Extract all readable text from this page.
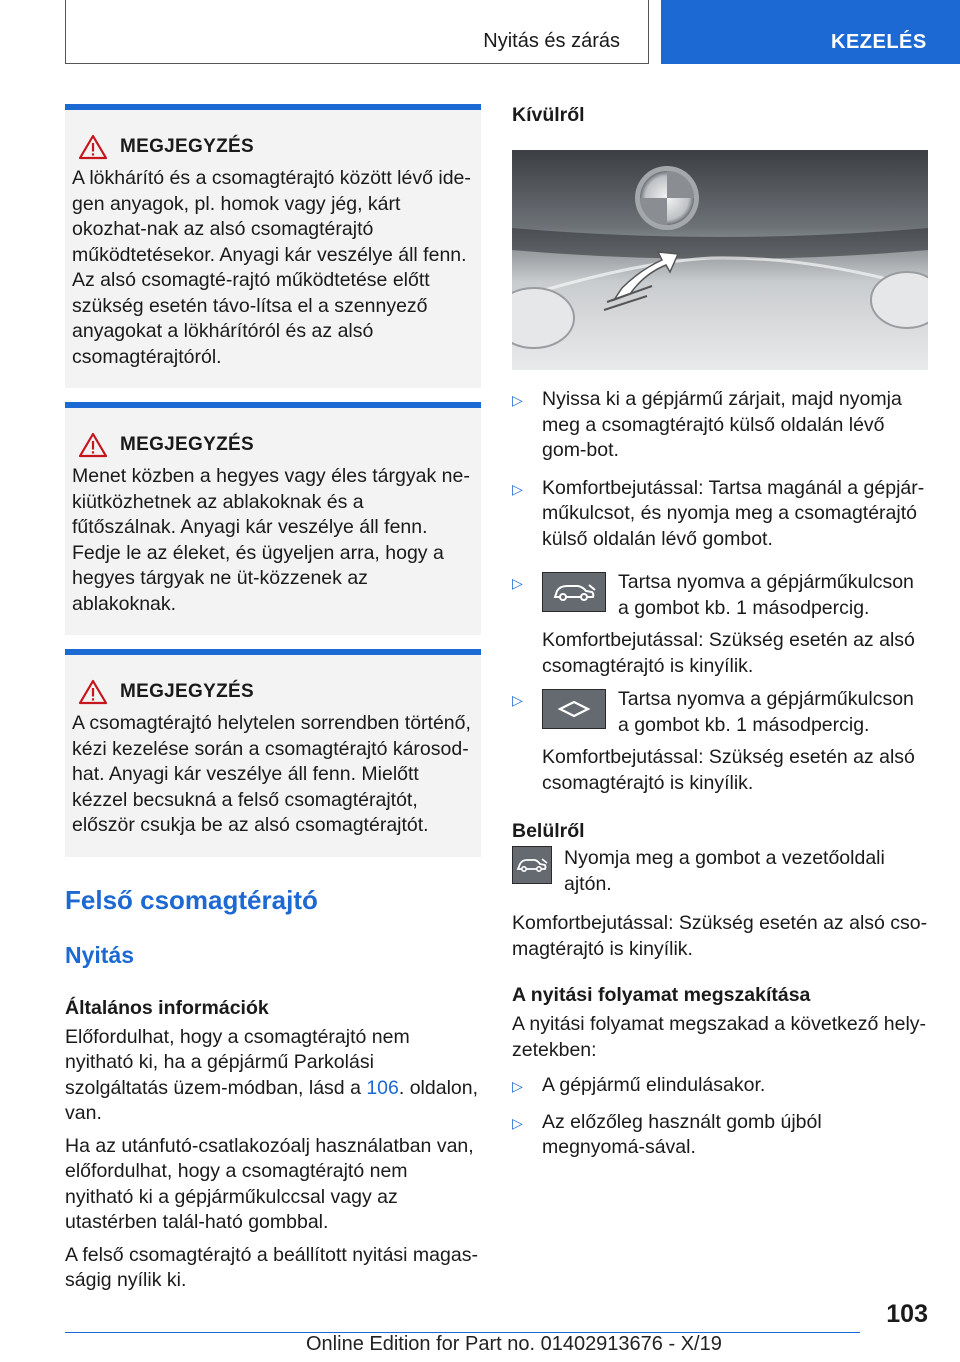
Nyitás és zárás	KEZELÉS
MEGJEGYZÉS
A lökhárító és a csomagtérajtó között lévő ide-gen anyagok, pl. homok vagy jég, kárt okozhat-nak az alsó csomagtérajtó működtetésekor. Anyagi kár veszélye áll fenn. Az alsó csomagté-rajtó működtetése előtt szükség esetén távo-lítsa el a szennyező anyagokat a lökhárítóról és az alsó csomagtérajtóról.
MEGJEGYZÉS
Menet közben a hegyes vagy éles tárgyak ne-kiütközhetnek az ablakoknak és a fűtőszálnak. Anyagi kár veszélye áll fenn. Fedje le az éleket, és ügyeljen arra, hogy a hegyes tárgyak ne üt-közzenek az ablakoknak.
MEGJEGYZÉS
A csomagtérajtó helytelen sorrendben történő, kézi kezelése során a csomagtérajtó károsod-hat. Anyagi kár veszélye áll fenn. Mielőtt kézzel becsukná a felső csomagtérajtót, először csukja be az alsó csomagtérajtót.
Felső csomagtérajtó
Nyitás
Általános információk

Előfordulhat, hogy a csomagtérajtó nem nyitható ki, ha a gépjármű Parkolási szolgáltatás üzem-módban, lásd a 106. oldalon, van.

Ha az utánfutó-csatlakozóalj használatban van, előfordulhat, hogy a csomagtérajtó nem nyitható ki a gépjárműkulccsal vagy az utastérben talál-ható gombbal.

A felső csomagtérajtó a beállított nyitási magas-ságig nyílik ki.

Kívülről
▷ Nyissa ki a gépjármű zárjait, majd nyomja meg a csomagtérajtó külső oldalán lévő gom-bot.
▷ Komfortbejutással: Tartsa magánál a gépjár-műkulcsot, és nyomja meg a csomagtérajtó külső oldalán lévő gombot.
▷	Tartsa nyomva a gépjárműkulcson a gombot kb. 1 másodpercig.
Komfortbejutással: Szükség esetén az alsó csomagtérajtó is kinyílik.
▷	Tartsa nyomva a gépjárműkulcson a gombot kb. 1 másodpercig.
Komfortbejutással: Szükség esetén az alsó csomagtérajtó is kinyílik.
Belülről
Nyomja meg a gombot a vezetőoldali ajtón.

Komfortbejutással: Szükség esetén az alsó cso-magtérajtó is kinyílik.

A nyitási folyamat megszakítása

A nyitási folyamat megszakad a következő hely-zetekben:

▷ A gépjármű elindulásakor.
▷ Az előzőleg használt gomb újból megnyomá-sával.
103
Online Edition for Part no. 01402913676 - X/19
